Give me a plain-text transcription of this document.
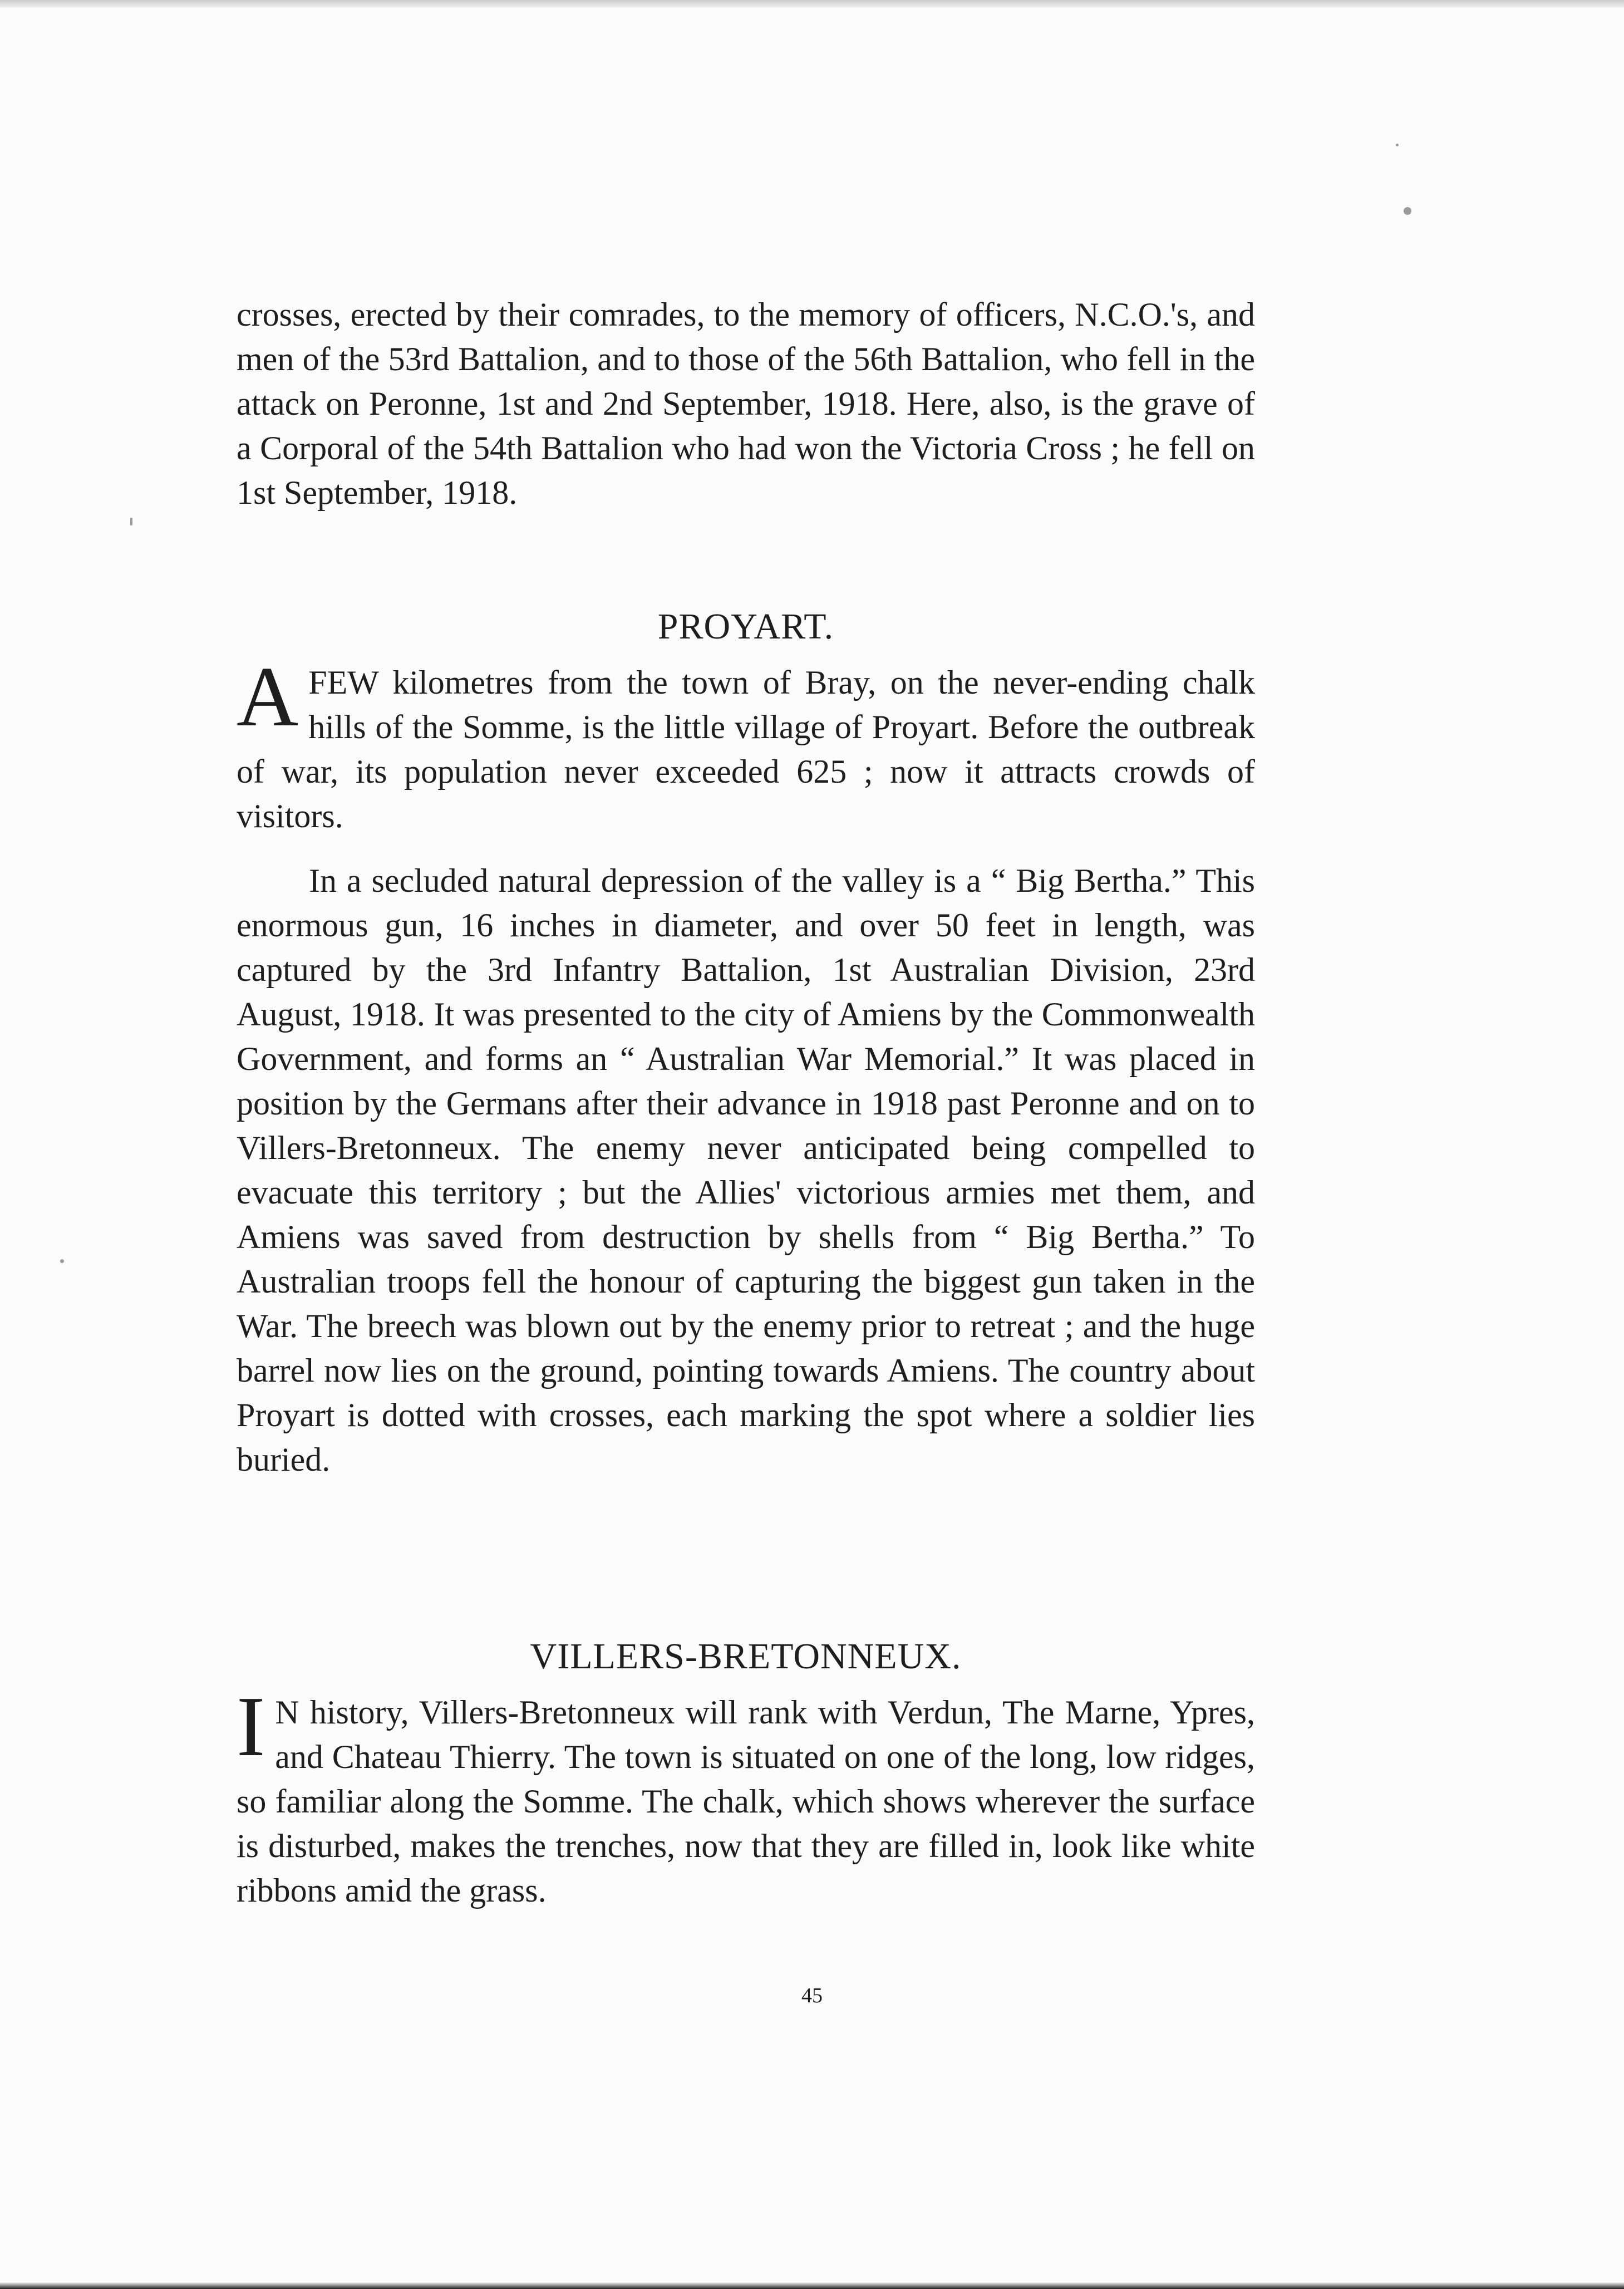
crosses, erected by their comrades, to the memory of officers, N.C.O.'s, and men of the 53rd Battalion, and to those of the 56th Battalion, who fell in the attack on Peronne, 1st and 2nd September, 1918. Here, also, is the grave of a Corporal of the 54th Battalion who had won the Victoria Cross ; he fell on 1st September, 1918.

PROYART.

AFEW kilometres from the town of Bray, on the never-ending chalk hills of the Somme, is the little village of Proyart. Before the outbreak of war, its population never exceeded 625 ; now it attracts crowds of visitors.

In a secluded natural depression of the valley is a “ Big Bertha.” This enormous gun, 16 inches in diameter, and over 50 feet in length, was captured by the 3rd Infantry Battalion, 1st Australian Division, 23rd August, 1918. It was presented to the city of Amiens by the Commonwealth Government, and forms an “ Australian War Memorial.” It was placed in position by the Germans after their advance in 1918 past Peronne and on to Villers-Bretonneux. The enemy never anticipated being compelled to evacuate this territory ; but the Allies' victorious armies met them, and Amiens was saved from destruction by shells from “ Big Bertha.” To Australian troops fell the honour of capturing the biggest gun taken in the War. The breech was blown out by the enemy prior to retreat ; and the huge barrel now lies on the ground, pointing towards Amiens. The country about Proyart is dotted with crosses, each marking the spot where a soldier lies buried.

VILLERS-BRETONNEUX.

IN history, Villers-Bretonneux will rank with Verdun, The Marne, Ypres, and Chateau Thierry. The town is situated on one of the long, low ridges, so familiar along the Somme. The chalk, which shows wherever the surface is disturbed, makes the trenches, now that they are filled in, look like white ribbons amid the grass.

45
